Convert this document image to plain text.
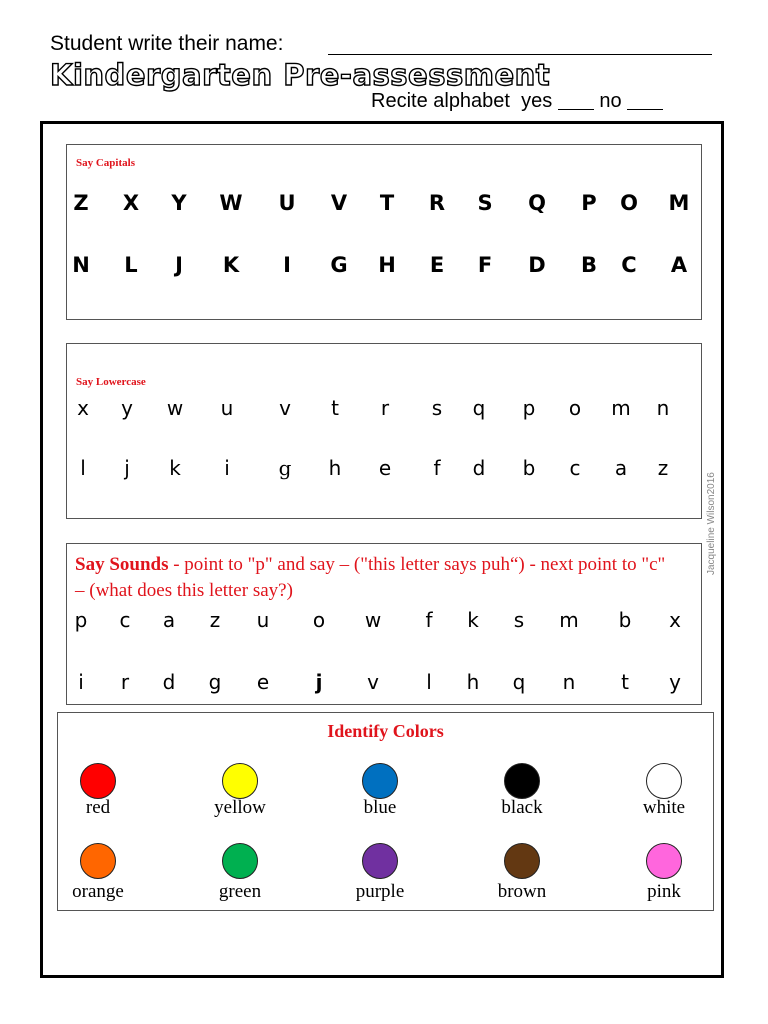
Student write their name:
Kindergarten Pre-assessment
Recite alphabet yes no
Jacqueline Wilson2016
Say Capitals
Z X Y W U V T R S Q P O M
N L J K I G H E F D B C A
Say Lowercase
x y w u v t r s q p o m n
l j k i g h e f d b c a z
Say Sounds - point to "p" and say – ("this letter says puh“) - next point to "c" – (what does this letter say?)
p c a z u o w f k s m b x
i r d g e j v l h q n t y
Identify Colors
red	yellow	blue	black	white
orange	green	purple	brown	pink
